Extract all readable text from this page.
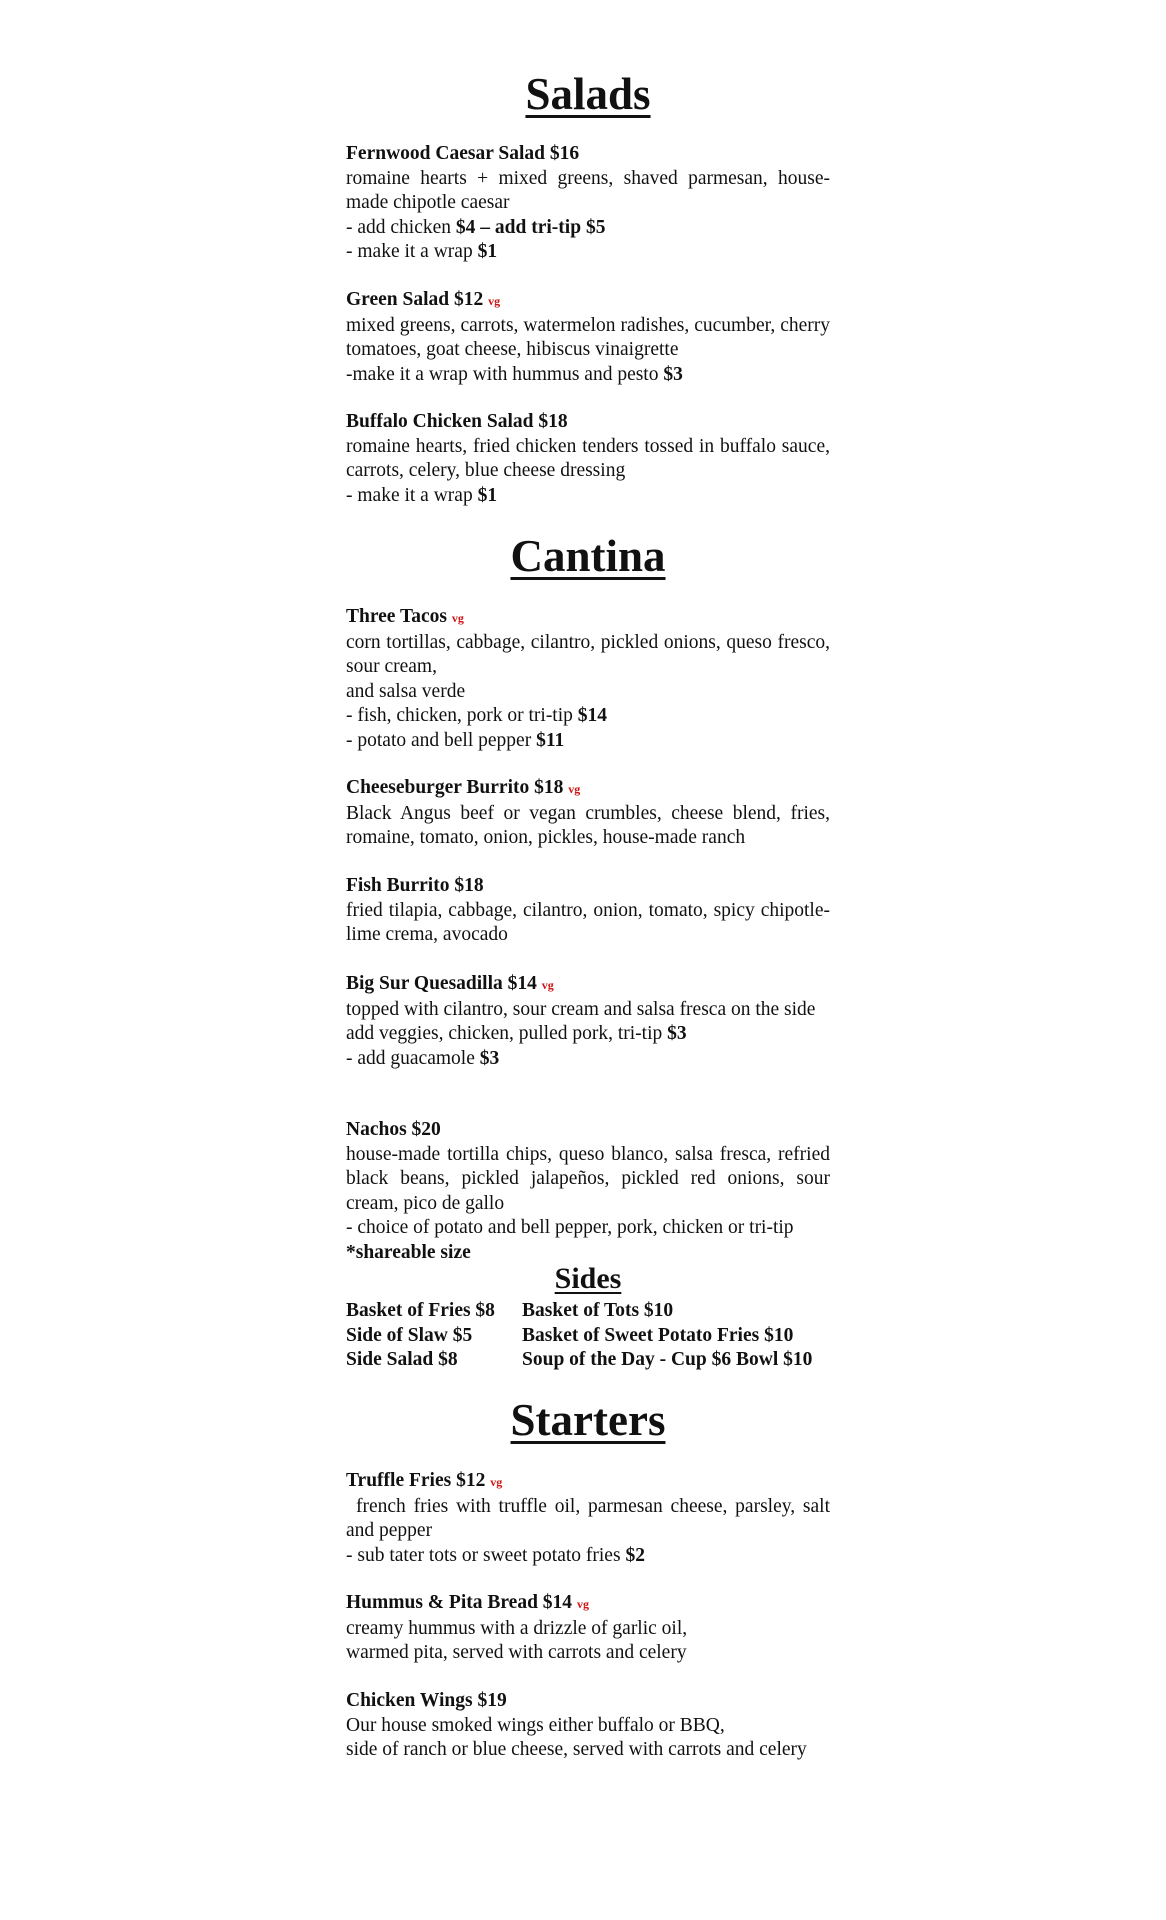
Salads

Fernwood Caesar Salad $16

romaine hearts + mixed greens, shaved parmesan, house-made chipotle caesar

- add chicken $4 – add tri-tip $5

- make it a wrap $1

Green Salad $12 vg

mixed greens, carrots, watermelon radishes, cucumber, cherry tomatoes, goat cheese, hibiscus vinaigrette

-make it a wrap with hummus and pesto $3

Buffalo Chicken Salad $18

romaine hearts, fried chicken tenders tossed in buffalo sauce, carrots, celery, blue cheese dressing

- make it a wrap $1

Cantina

Three Tacos vg

corn tortillas, cabbage, cilantro, pickled onions, queso fresco, sour cream,

and salsa verde

- fish, chicken, pork or tri-tip $14

- potato and bell pepper $11

Cheeseburger Burrito $18 vg

Black Angus beef or vegan crumbles, cheese blend, fries, romaine, tomato, onion, pickles, house-made ranch

Fish Burrito $18

fried tilapia, cabbage, cilantro, onion, tomato, spicy chipotle-lime crema, avocado

Big Sur Quesadilla $14 vg

topped with cilantro, sour cream and salsa fresca on the side

add veggies, chicken, pulled pork, tri-tip $3

- add guacamole $3

Nachos $20

house-made tortilla chips, queso blanco, salsa fresca, refried black beans, pickled jalapeños, pickled red onions, sour cream, pico de gallo

- choice of potato and bell pepper, pork, chicken or tri-tip

*shareable size

Sides
Basket of Fries $8	Basket of Tots $10
Side of Slaw $5	Basket of Sweet Potato Fries $10
Side Salad $8	Soup of the Day - Cup $6 Bowl $10
Starters

Truffle Fries $12 vg

french fries with truffle oil, parmesan cheese, parsley, salt and pepper

- sub tater tots or sweet potato fries $2

Hummus & Pita Bread $14 vg

creamy hummus with a drizzle of garlic oil,

warmed pita, served with carrots and celery

Chicken Wings $19

Our house smoked wings either buffalo or BBQ,

side of ranch or blue cheese, served with carrots and celery
